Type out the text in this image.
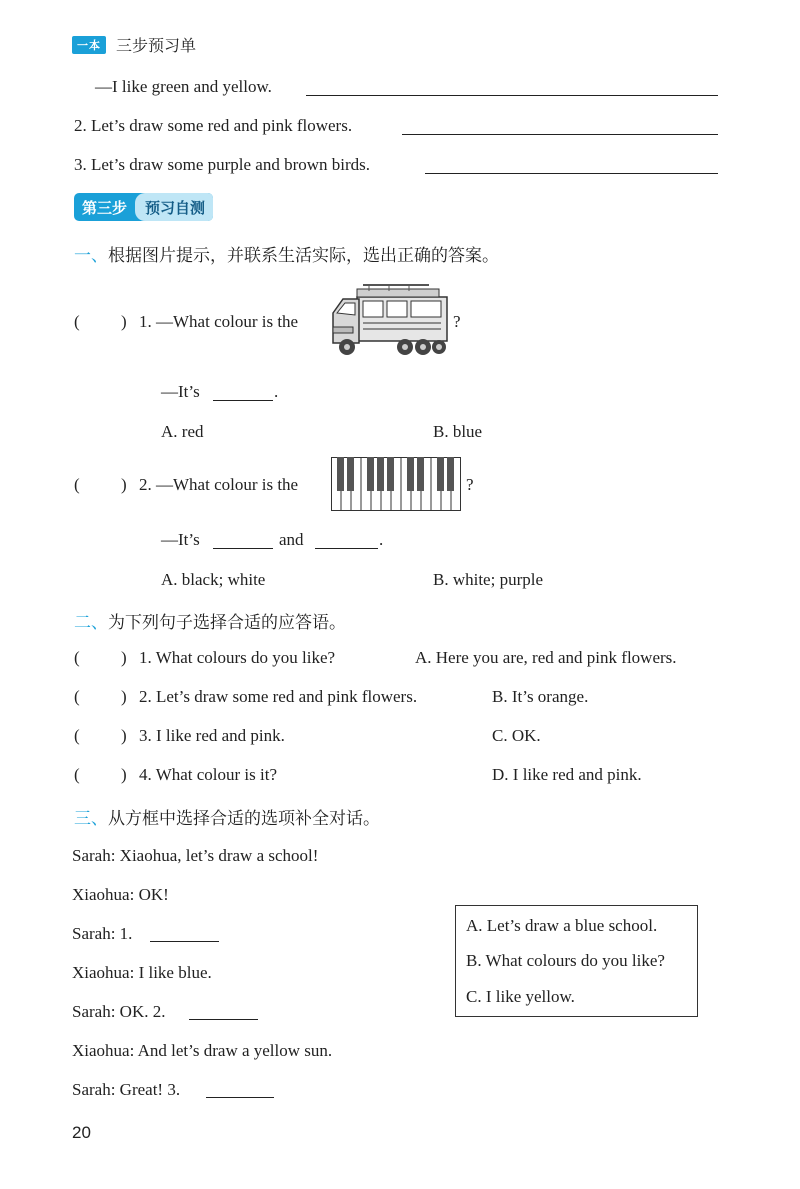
一本 三步预习单
—I like green and yellow.
2. Let’s draw some red and pink flowers.
3. Let’s draw some purple and brown birds.
第三步	预习自测
一、根据图片提示，并联系生活实际，选出正确的答案。
( ) 1. —What colour is the	?
—It’s	.
A. red	B. blue
( ) 2. —What colour is the	?
—It’s	and	.
A. black; white	B. white; purple
二、为下列句子选择合适的应答语。
( ) 1. What colours do you like?	A. Here you are, red and pink flowers.
( ) 2. Let’s draw some red and pink flowers.	B. It’s orange.
( ) 3. I like red and pink.	C. OK.
( ) 4. What colour is it?	D. I like red and pink.
三、从方框中选择合适的选项补全对话。
Sarah: Xiaohua, let’s draw a school!
Xiaohua: OK!
Sarah: 1.
Xiaohua: I like blue.
Sarah: OK. 2.
Xiaohua: And let’s draw a yellow sun.
Sarah: Great! 3.
A. Let’s draw a blue school.
B. What colours do you like?
C. I like yellow.
20
